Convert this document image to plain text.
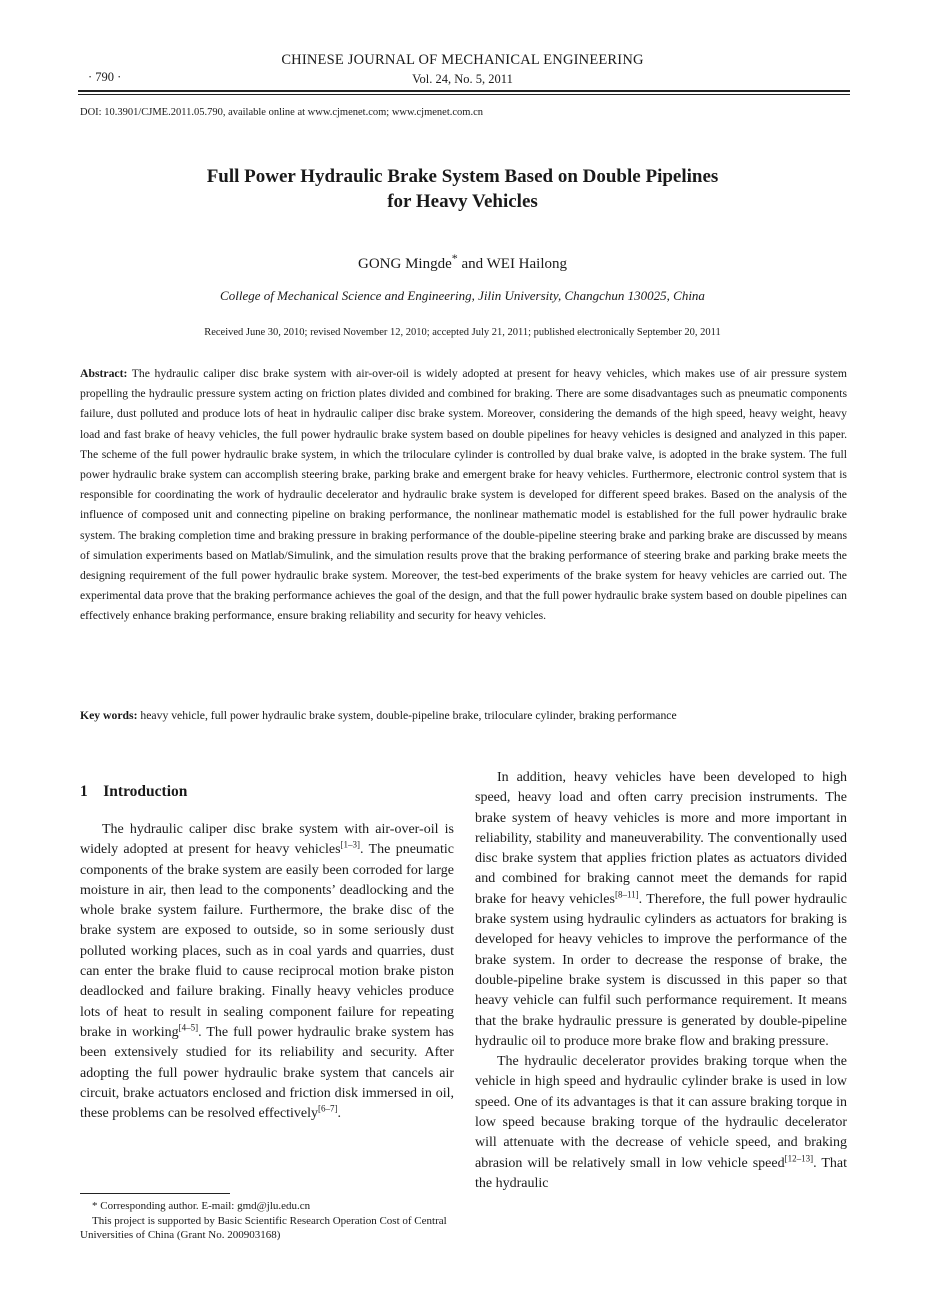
CHINESE JOURNAL OF MECHANICAL ENGINEERING
· 790 ·	Vol. 24, No. 5, 2011
DOI: 10.3901/CJME.2011.05.790, available online at www.cjmenet.com; www.cjmenet.com.cn
Full Power Hydraulic Brake System Based on Double Pipelines
for Heavy Vehicles
GONG Mingde* and WEI Hailong
College of Mechanical Science and Engineering, Jilin University, Changchun 130025, China
Received June 30, 2010; revised November 12, 2010; accepted July 21, 2011; published electronically September 20, 2011
Abstract: The hydraulic caliper disc brake system with air-over-oil is widely adopted at present for heavy vehicles, which makes use of air pressure system propelling the hydraulic pressure system acting on friction plates divided and combined for braking. There are some disadvantages such as pneumatic components failure, dust polluted and produce lots of heat in hydraulic caliper disc brake system. Moreover, considering the demands of the high speed, heavy weight, heavy load and fast brake of heavy vehicles, the full power hydraulic brake system based on double pipelines for heavy vehicles is designed and analyzed in this paper. The scheme of the full power hydraulic brake system, in which the triloculare cylinder is controlled by dual brake valve, is adopted in the brake system. The full power hydraulic brake system can accomplish steering brake, parking brake and emergent brake for heavy vehicles. Furthermore, electronic control system that is responsible for coordinating the work of hydraulic decelerator and hydraulic brake system is developed for different speed brakes. Based on the analysis of the influence of composed unit and connecting pipeline on braking performance, the nonlinear mathematic model is established for the full power hydraulic brake system. The braking completion time and braking pressure in braking performance of the double-pipeline steering brake and parking brake are discussed by means of simulation experiments based on Matlab/Simulink, and the simulation results prove that the braking performance of steering brake and parking brake meets the designing requirement of the full power hydraulic brake system. Moreover, the test-bed experiments of the brake system for heavy vehicles are carried out. The experimental data prove that the braking performance achieves the goal of the design, and that the full power hydraulic brake system based on double pipelines can effectively enhance braking performance, ensure braking reliability and security for heavy vehicles.
Key words: heavy vehicle, full power hydraulic brake system, double-pipeline brake, triloculare cylinder, braking performance
1    Introduction

The hydraulic caliper disc brake system with air-over-oil is widely adopted at present for heavy vehicles[1–3]. The pneumatic components of the brake system are easily been corroded for large moisture in air, then lead to the components’ deadlocking and the whole brake system failure. Furthermore, the brake disc of the brake system are exposed to outside, so in some seriously dust polluted working places, such as in coal yards and quarries, dust can enter the brake fluid to cause reciprocal motion brake piston deadlocked and failure braking. Finally heavy vehicles produce lots of heat to result in sealing component failure for repeating brake in working[4–5]. The full power hydraulic brake system has been extensively studied for its reliability and security. After adopting the full power hydraulic brake system that cancels air circuit, brake actuators enclosed and friction disk immersed in oil, these problems can be resolved effectively[6–7].

In addition, heavy vehicles have been developed to high speed, heavy load and often carry precision instruments. The brake system of heavy vehicles is more and more important in reliability, stability and maneuverability. The conventionally used disc brake system that applies friction plates as actuators divided and combined for braking cannot meet the demands for rapid brake for heavy vehicles[8–11]. Therefore, the full power hydraulic brake system using hydraulic cylinders as actuators for braking is developed for heavy vehicles to improve the performance of the brake system. In order to decrease the response of brake, the double-pipeline brake system is discussed in this paper so that heavy vehicle can fulfil such performance requirement. It means that the brake hydraulic pressure is generated by double-pipeline hydraulic oil to produce more brake flow and braking pressure.

The hydraulic decelerator provides braking torque when the vehicle in high speed and hydraulic cylinder brake is used in low speed. One of its advantages is that it can assure braking torque in low speed because braking torque of the hydraulic decelerator will attenuate with the decrease of vehicle speed, and braking abrasion will be relatively small in low vehicle speed[12–13]. That the hydraulic

* Corresponding author. E-mail: gmd@jlu.edu.cn

This project is supported by Basic Scientific Research Operation Cost of Central Universities of China (Grant No. 200903168)
